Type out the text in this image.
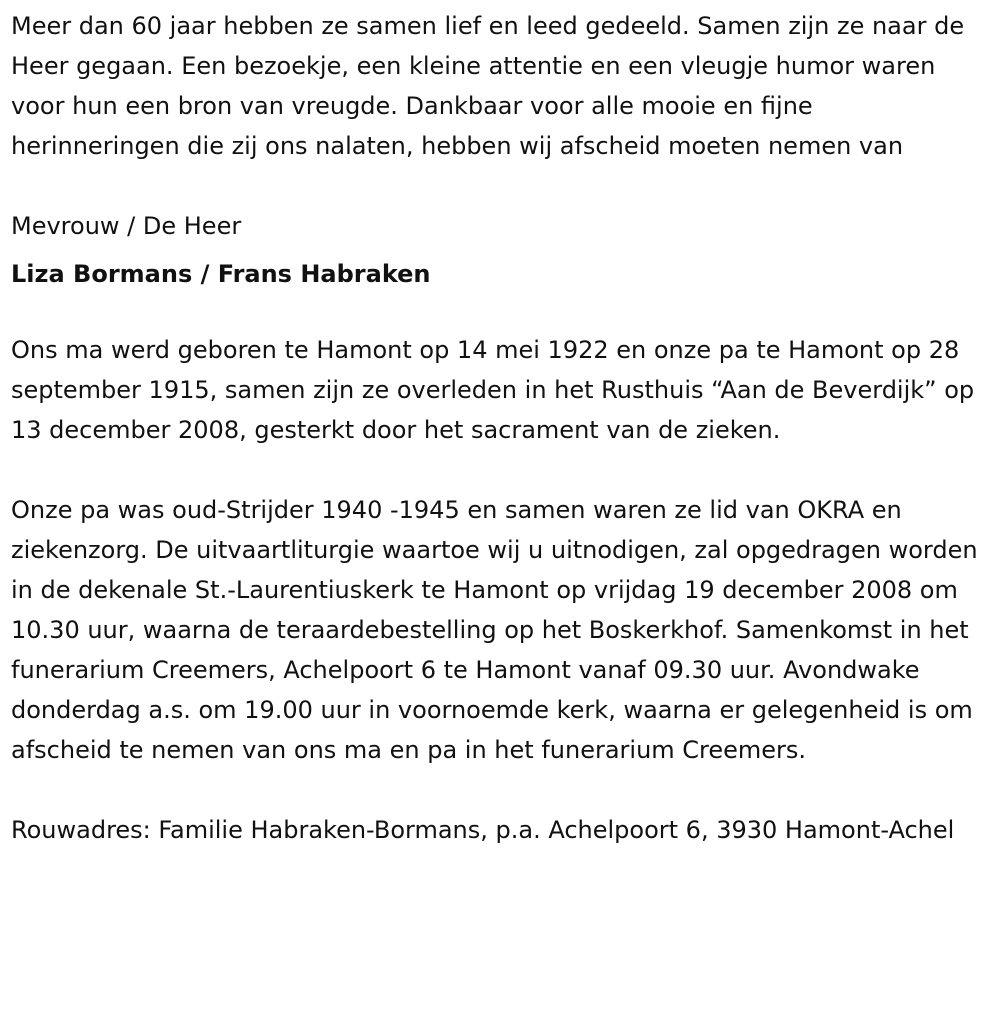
Meer dan 60 jaar hebben ze samen lief en leed gedeeld. Samen zijn ze naar de Heer gegaan. Een bezoekje, een kleine attentie en een vleugje humor waren voor hun een bron van vreugde. Dankbaar voor alle mooie en fijne herinneringen die zij ons nalaten, hebben wij afscheid moeten nemen van

Mevrouw / De Heer

Liza Bormans / Frans Habraken

Ons ma werd geboren te Hamont op 14 mei 1922 en onze pa te Hamont op 28 september 1915, samen zijn ze overleden in het Rusthuis “Aan de Beverdijk” op 13 december 2008, gesterkt door het sacrament van de zieken.

Onze pa was oud-Strijder 1940 -1945 en samen waren ze lid van OKRA en ziekenzorg. De uitvaartliturgie waartoe wij u uitnodigen, zal opgedragen worden in de dekenale St.-Laurentiuskerk te Hamont op vrijdag 19 december 2008 om 10.30 uur, waarna de teraardebestelling op het Boskerkhof. Samenkomst in het funerarium Creemers, Achelpoort 6 te Hamont vanaf 09.30 uur. Avondwake donderdag a.s. om 19.00 uur in voornoemde kerk, waarna er gelegenheid is om afscheid te nemen van ons ma en pa in het funerarium Creemers.

Rouwadres: Familie Habraken-Bormans, p.a. Achelpoort 6, 3930 Hamont-Achel
